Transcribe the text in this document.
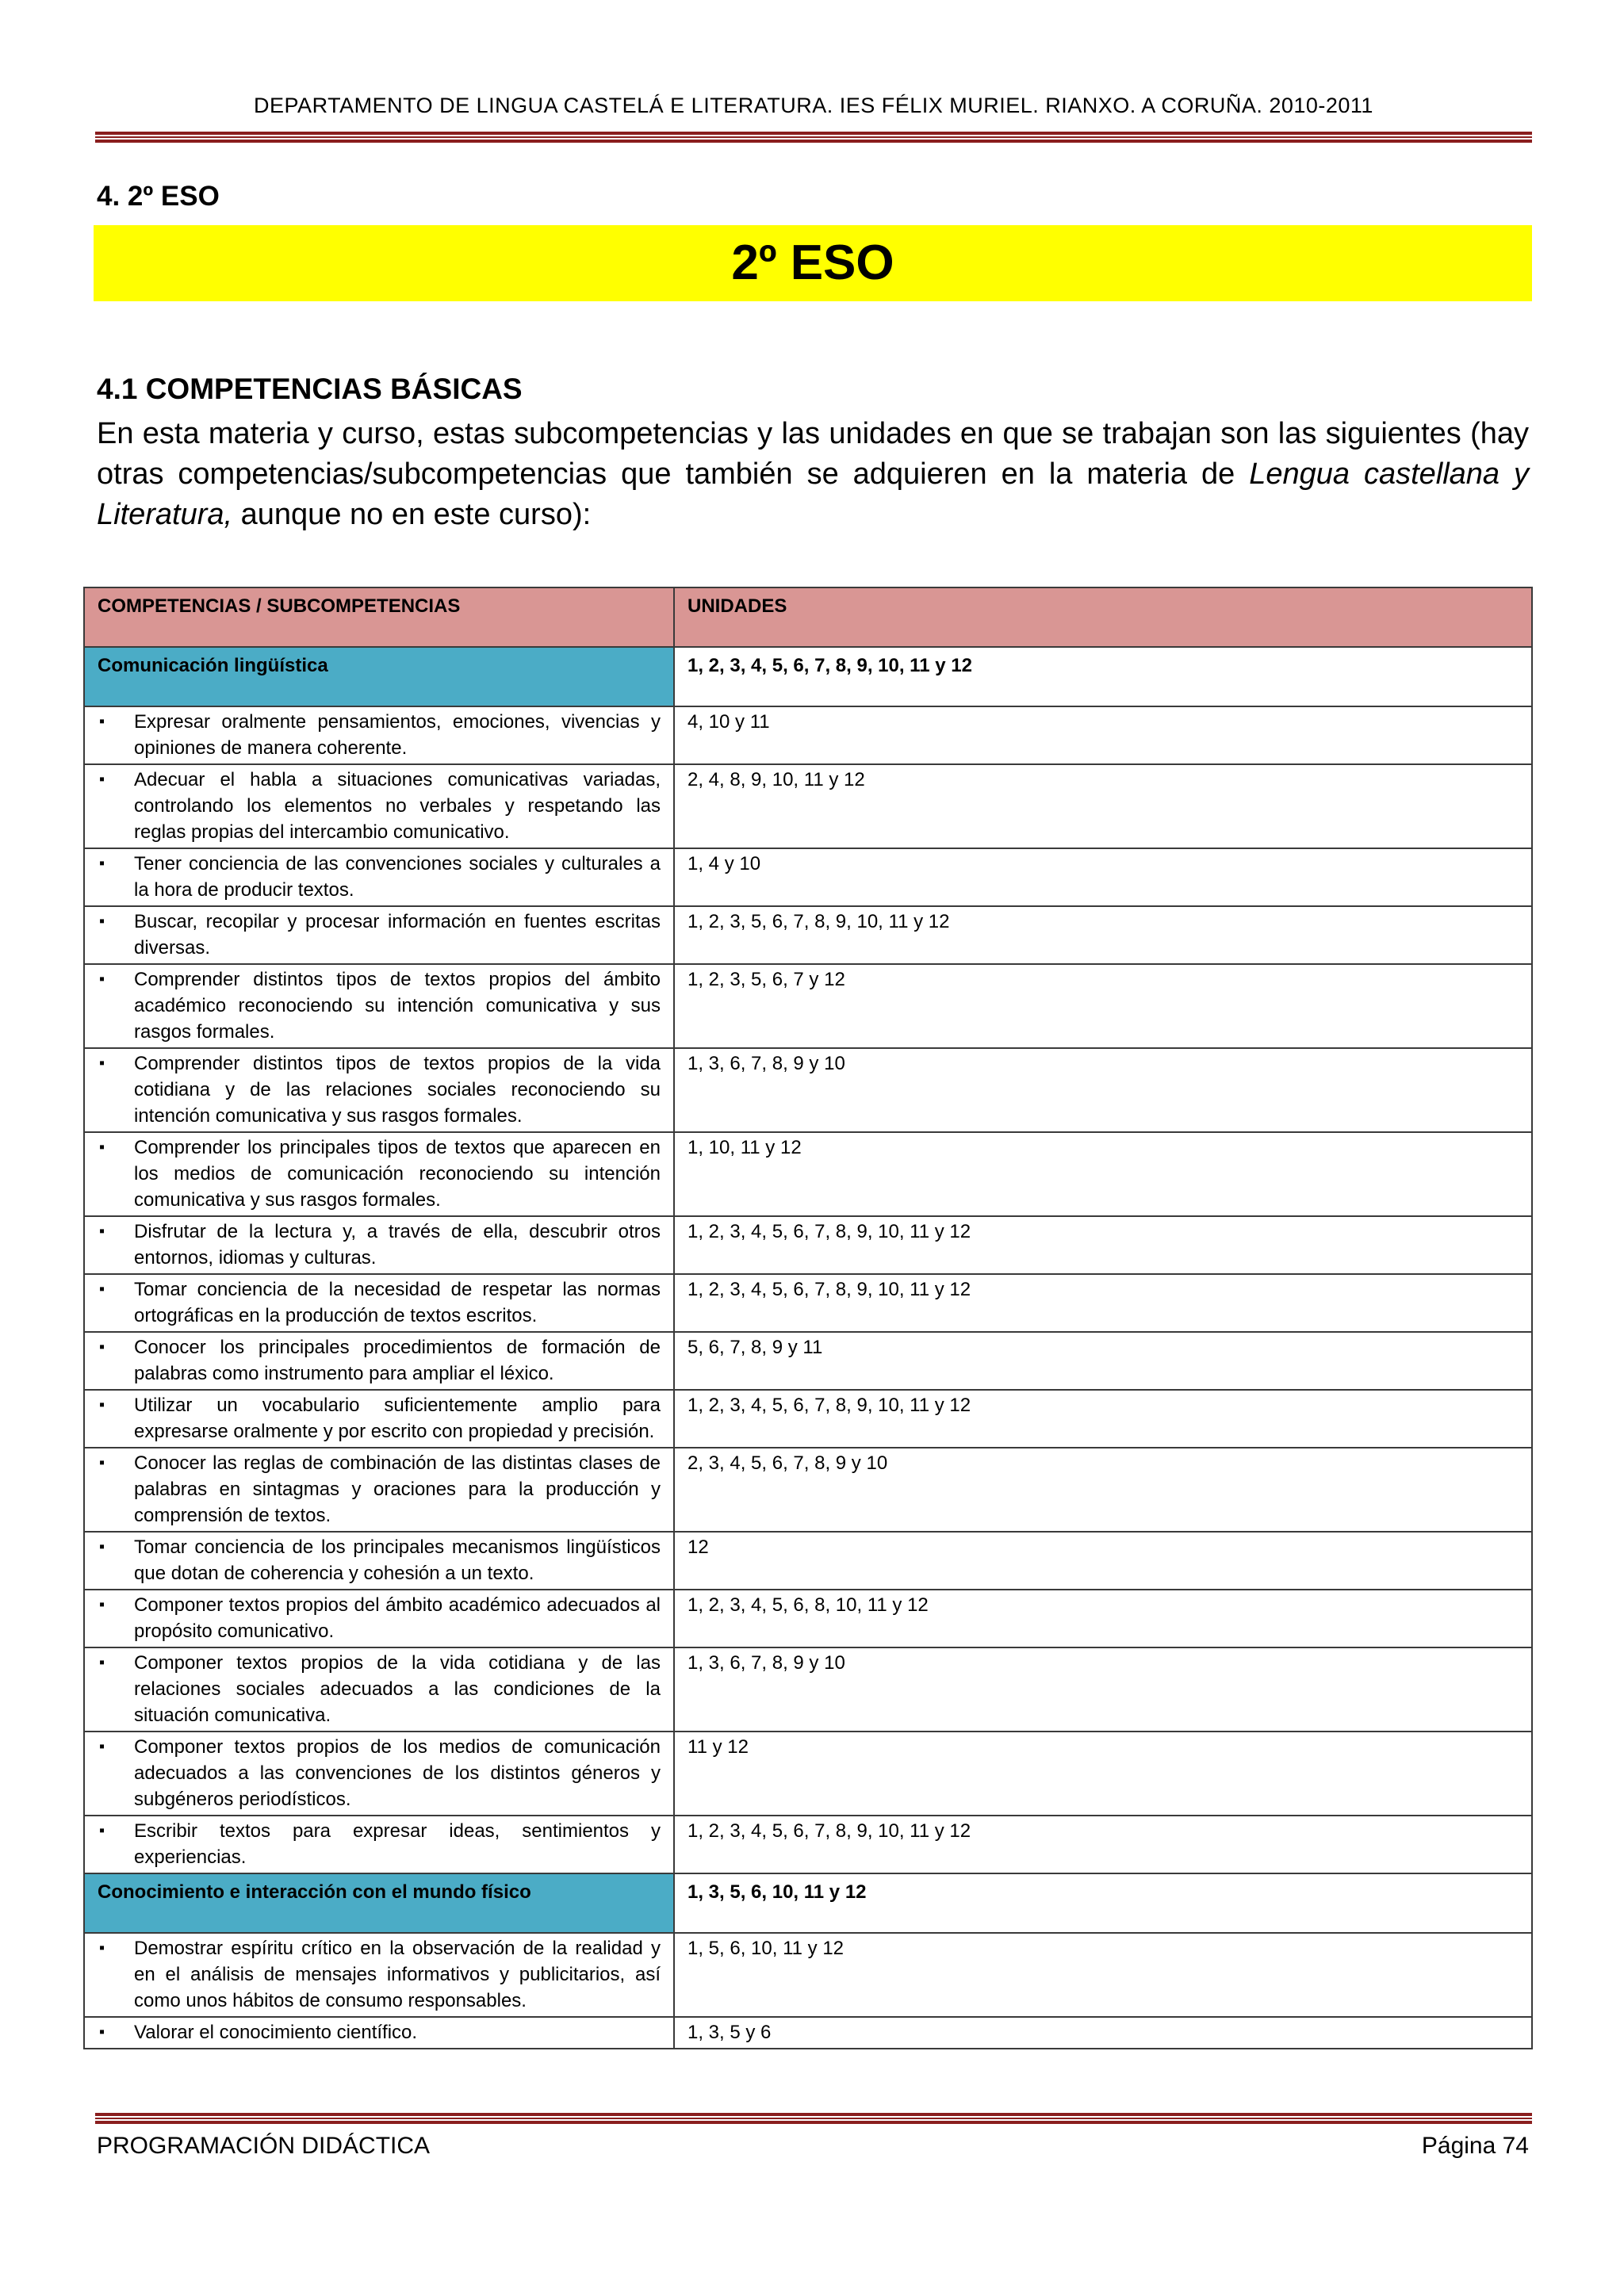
DEPARTAMENTO DE LINGUA CASTELÁ E LITERATURA. IES FÉLIX MURIEL. RIANXO. A CORUÑA. 2010-2011
4. 2º ESO
2º ESO
4.1 COMPETENCIAS BÁSICAS
En esta materia y curso, estas subcompetencias y las unidades en que se trabajan son las siguientes (hay otras competencias/subcompetencias que también se adquieren en la materia de Lengua castellana y Literatura, aunque no en este curso):
COMPETENCIAS / SUBCOMPETENCIAS	UNIDADES
Comunicación lingüística	1, 2, 3, 4, 5, 6, 7, 8, 9, 10, 11 y 12

▪ Expresar oralmente pensamientos, emociones, vivencias y opiniones de manera coherente.	4, 10 y 11

▪ Adecuar el habla a situaciones comunicativas variadas, controlando los elementos no verbales y respetando las reglas propias del intercambio comunicativo.	2, 4, 8, 9, 10, 11 y 12

▪ Tener conciencia de las convenciones sociales y culturales a la hora de producir textos.	1, 4 y 10

▪ Buscar, recopilar y procesar información en fuentes escritas diversas.	1, 2, 3, 5, 6, 7, 8, 9, 10, 11 y 12

▪ Comprender distintos tipos de textos propios del ámbito académico reconociendo su intención comunicativa y sus rasgos formales.	1, 2, 3, 5, 6, 7 y 12

▪ Comprender distintos tipos de textos propios de la vida cotidiana y de las relaciones sociales reconociendo su intención comunicativa y sus rasgos formales.	1, 3, 6, 7, 8, 9 y 10

▪ Comprender los principales tipos de textos que aparecen en los medios de comunicación reconociendo su intención comunicativa y sus rasgos formales.	1, 10, 11 y 12

▪ Disfrutar de la lectura y, a través de ella, descubrir otros entornos, idiomas y culturas.	1, 2, 3, 4, 5, 6, 7, 8, 9, 10, 11 y 12

▪ Tomar conciencia de la necesidad de respetar las normas ortográficas en la producción de textos escritos.	1, 2, 3, 4, 5, 6, 7, 8, 9, 10, 11 y 12

▪ Conocer los principales procedimientos de formación de palabras como instrumento para ampliar el léxico.	5, 6, 7, 8, 9 y 11

▪ Utilizar un vocabulario suficientemente amplio para expresarse oralmente y por escrito con propiedad y precisión.	1, 2, 3, 4, 5, 6, 7, 8, 9, 10, 11 y 12

▪ Conocer las reglas de combinación de las distintas clases de palabras en sintagmas y oraciones para la producción y comprensión de textos.	2, 3, 4, 5, 6, 7, 8, 9 y 10

▪ Tomar conciencia de los principales mecanismos lingüísticos que dotan de coherencia y cohesión a un texto.	12

▪ Componer textos propios del ámbito académico adecuados al propósito comunicativo.	1, 2, 3, 4, 5, 6, 8, 10, 11 y 12

▪ Componer textos propios de la vida cotidiana y de las relaciones sociales adecuados a las condiciones de la situación comunicativa.	1, 3, 6, 7, 8, 9 y 10

▪ Componer textos propios de los medios de comunicación adecuados a las convenciones de los distintos géneros y subgéneros periodísticos.	11 y 12

▪ Escribir textos para expresar ideas, sentimientos y experiencias.	1, 2, 3, 4, 5, 6, 7, 8, 9, 10, 11 y 12
Conocimiento e interacción con el mundo físico	1, 3, 5, 6, 10, 11 y 12

▪ Demostrar espíritu crítico en la observación de la realidad y en el análisis de mensajes informativos y publicitarios, así como unos hábitos de consumo responsables.	1, 5, 6, 10, 11 y 12

▪ Valorar el conocimiento científico.	1, 3, 5 y 6
PROGRAMACIÓN DIDÁCTICA	Página 74
